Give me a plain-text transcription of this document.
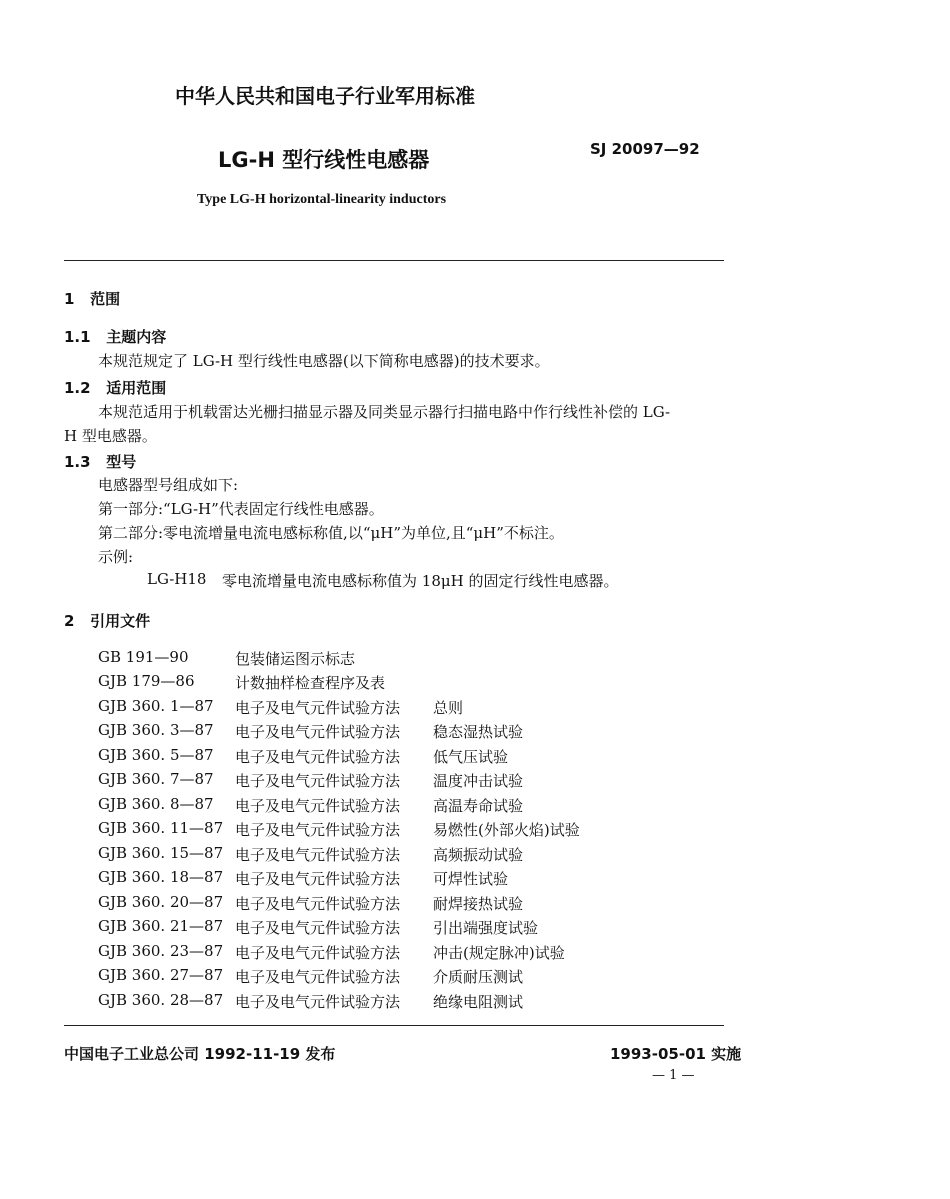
中华人民共和国电子行业军用标准
LG-H 型行线性电感器	SJ 20097—92
Type LG-H horizontal-linearity inductors
1   范围
1.1   主题内容
本规范规定了 LG-H 型行线性电感器(以下简称电感器)的技术要求。
1.2   适用范围
本规范适用于机载雷达光栅扫描显示器及同类显示器行扫描电路中作行线性补偿的 LG-
H 型电感器。
1.3   型号
电感器型号组成如下:
第一部分:“LG-H”代表固定行线性电感器。
第二部分:零电流增量电流电感标称值,以“μH”为单位,且“μH”不标注。
示例:
LG-H18 零电流增量电流电感标称值为 18μH 的固定行线性电感器。
2   引用文件
GB 191—90	包装储运图示标志
GJB 179—86	计数抽样检查程序及表
GJB 360. 1—87 电子及电气元件试验方法 总则
GJB 360. 3—87 电子及电气元件试验方法 稳态湿热试验
GJB 360. 5—87 电子及电气元件试验方法 低气压试验
GJB 360. 7—87 电子及电气元件试验方法 温度冲击试验
GJB 360. 8—87 电子及电气元件试验方法 高温寿命试验
GJB 360. 11—87 电子及电气元件试验方法 易燃性(外部火焰)试验
GJB 360. 15—87 电子及电气元件试验方法 高频振动试验
GJB 360. 18—87 电子及电气元件试验方法 可焊性试验
GJB 360. 20—87 电子及电气元件试验方法 耐焊接热试验
GJB 360. 21—87 电子及电气元件试验方法 引出端强度试验
GJB 360. 23—87 电子及电气元件试验方法 冲击(规定脉冲)试验
GJB 360. 27—87 电子及电气元件试验方法 介质耐压测试
GJB 360. 28—87 电子及电气元件试验方法 绝缘电阻测试
中国电子工业总公司 1992-11-19 发布	1993-05-01 实施
— 1 —
